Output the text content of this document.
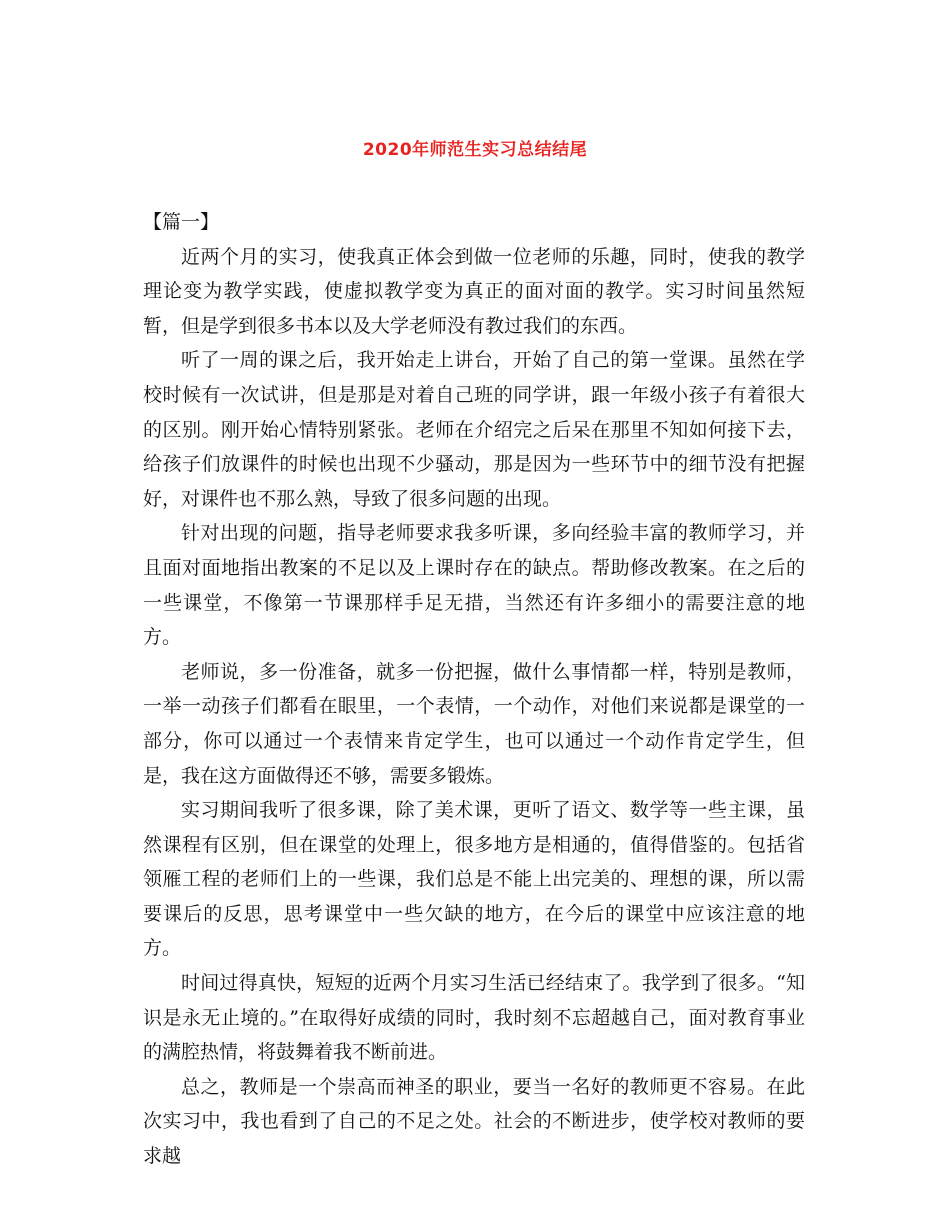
2020年师范生实习总结结尾

【篇一】

近两个月的实习，使我真正体会到做一位老师的乐趣，同时，使我的教学理论变为教学实践，使虚拟教学变为真正的面对面的教学。实习时间虽然短暂，但是学到很多书本以及大学老师没有教过我们的东西。

听了一周的课之后，我开始走上讲台，开始了自己的第一堂课。虽然在学校时候有一次试讲，但是那是对着自己班的同学讲，跟一年级小孩子有着很大的区别。刚开始心情特别紧张。老师在介绍完之后呆在那里不知如何接下去，给孩子们放课件的时候也出现不少骚动，那是因为一些环节中的细节没有把握好，对课件也不那么熟，导致了很多问题的出现。

针对出现的问题，指导老师要求我多听课，多向经验丰富的教师学习，并且面对面地指出教案的不足以及上课时存在的缺点。帮助修改教案。在之后的一些课堂，不像第一节课那样手足无措，当然还有许多细小的需要注意的地方。

老师说，多一份准备，就多一份把握，做什么事情都一样，特别是教师，一举一动孩子们都看在眼里，一个表情，一个动作，对他们来说都是课堂的一部分，你可以通过一个表情来肯定学生，也可以通过一个动作肯定学生，但是，我在这方面做得还不够，需要多锻炼。

实习期间我听了很多课，除了美术课，更听了语文、数学等一些主课，虽然课程有区别，但在课堂的处理上，很多地方是相通的，值得借鉴的。包括省领雁工程的老师们上的一些课，我们总是不能上出完美的、理想的课，所以需要课后的反思，思考课堂中一些欠缺的地方，在今后的课堂中应该注意的地方。

时间过得真快，短短的近两个月实习生活已经结束了。我学到了很多。“知识是永无止境的。”在取得好成绩的同时，我时刻不忘超越自己，面对教育事业的满腔热情，将鼓舞着我不断前进。

总之，教师是一个崇高而神圣的职业，要当一名好的教师更不容易。在此次实习中，我也看到了自己的不足之处。社会的不断进步，使学校对教师的要求越
